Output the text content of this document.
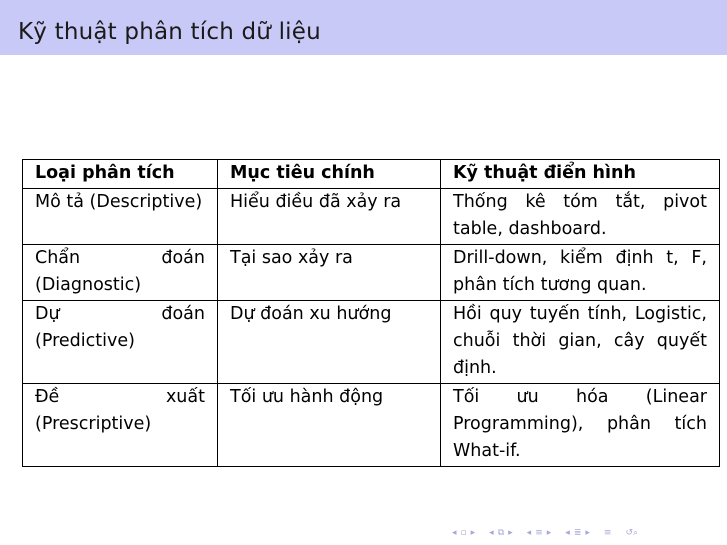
Kỹ thuật phân tích dữ liệu
Loại phân tích	Mục tiêu chính	Kỹ thuật điển hình
Mô tả (Descriptive)	Hiểu điều đã xảy ra	Thống kê tóm tắt, pivot table, dashboard.
Chẩn đoán (Diagnostic)	Tại sao xảy ra	Drill-down, kiểm định t, F, phân tích tương quan.
Dự đoán (Predictive)	Dự đoán xu hướng	Hồi quy tuyến tính, Logistic, chuỗi thời gian, cây quyết định.
Đề xuất (Prescriptive)	Tối ưu hành động	Tối ưu hóa (Linear Programming), phân tích What-if.
◂ ▫ ▸ ◂ ⧉ ▸ ◂ ≡ ▸ ◂ ≣ ▸ ≡ ↺⌕
